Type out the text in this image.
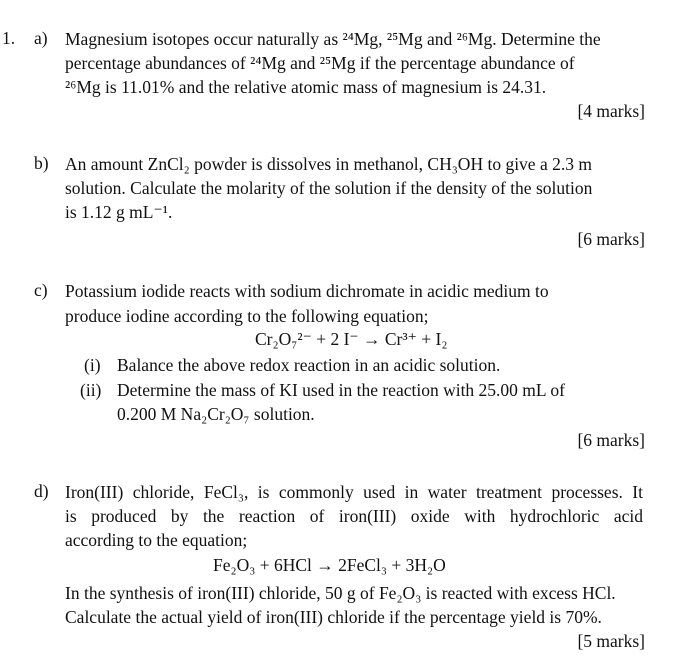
1. a) Magnesium isotopes occur naturally as ²⁴Mg, ²⁵Mg and ²⁶Mg. Determine the
percentage abundances of ²⁴Mg and ²⁵Mg if the percentage abundance of
²⁶Mg is 11.01% and the relative atomic mass of magnesium is 24.31.
[4 marks]
b) An amount ZnCl₂ powder is dissolves in methanol, CH₃OH to give a 2.3 m
solution. Calculate the molarity of the solution if the density of the solution
is 1.12 g mL⁻¹.
[6 marks]
c) Potassium iodide reacts with sodium dichromate in acidic medium to
produce iodine according to the following equation;
Cr₂O₇²⁻ + 2 I⁻ → Cr³⁺ + I₂
(i) Balance the above redox reaction in an acidic solution.
(ii) Determine the mass of KI used in the reaction with 25.00 mL of
0.200 M Na₂Cr₂O₇ solution.
[6 marks]
d) Iron(III) chloride, FeCl₃, is commonly used in water treatment processes. It
is produced by the reaction of iron(III) oxide with hydrochloric acid
according to the equation;
Fe₂O₃ + 6HCl → 2FeCl₃ + 3H₂O
In the synthesis of iron(III) chloride, 50 g of Fe₂O₃ is reacted with excess HCl.
Calculate the actual yield of iron(III) chloride if the percentage yield is 70%.
[5 marks]
